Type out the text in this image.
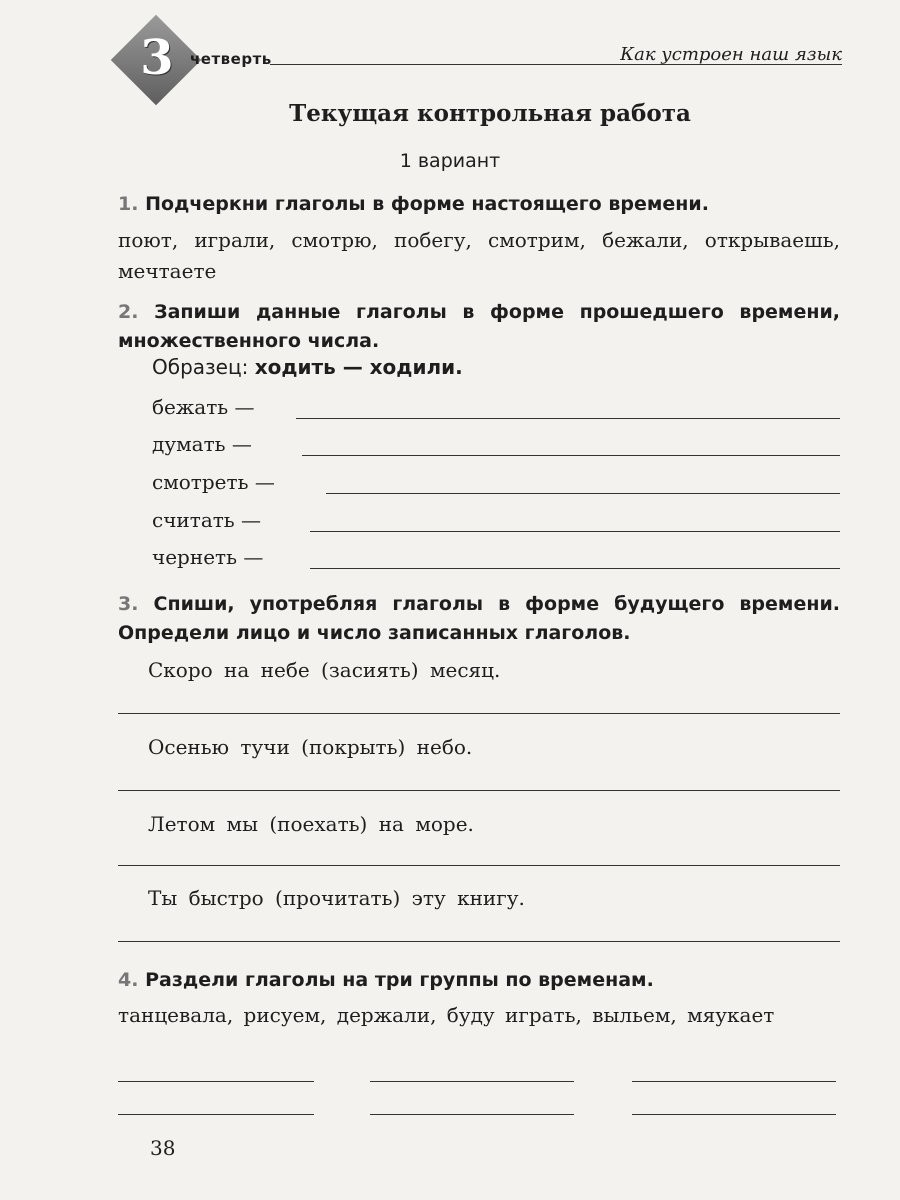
3 четверть	Как устроен наш язык
Текущая контрольная работа
1 вариант
1. Подчеркни глаголы в форме настоящего времени.
поют, играли, смотрю, побегу, смотрим, бежали, открываешь, мечтаете
2. Запиши данные глаголы в форме прошедшего времени, множественного числа.
Образец: ходить — ходили.
бежать —
думать —
смотреть —
считать —
чернеть —
3. Спиши, употребляя глаголы в форме будущего времени. Определи лицо и число записанных глаголов.
Скоро на небе (засиять) месяц.
Осенью тучи (покрыть) небо.
Летом мы (поехать) на море.
Ты быстро (прочитать) эту книгу.
4. Раздели глаголы на три группы по временам.
танцевала, рисуем, держали, буду играть, выльем, мяукает
38
